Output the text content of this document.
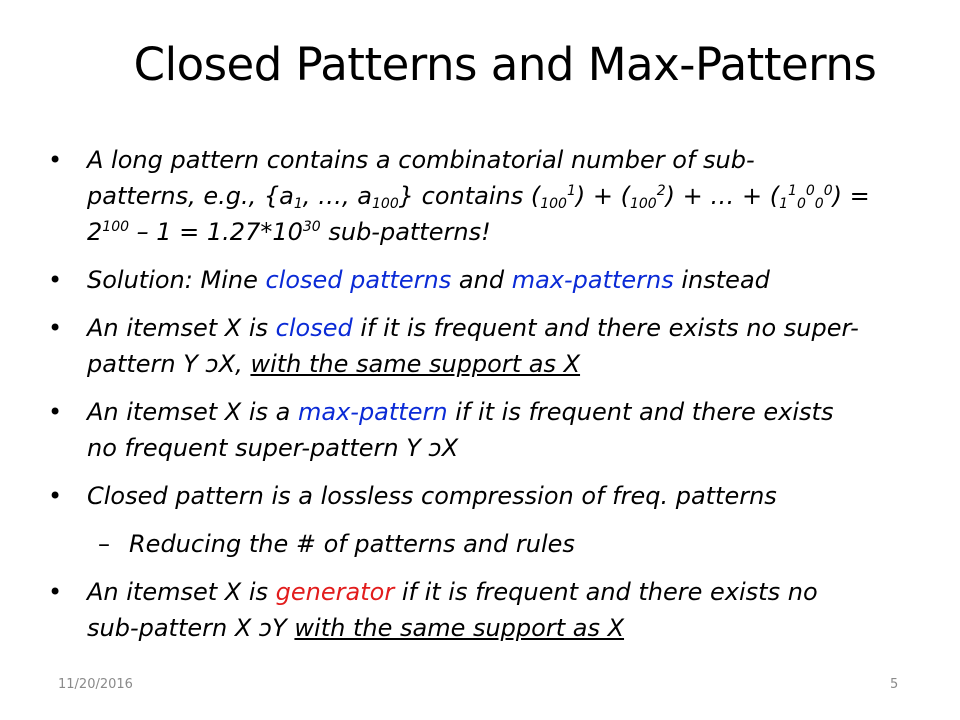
Closed Patterns and Max-Patterns
• A long pattern contains a combinatorial number of sub-
patterns, e.g., {$a_1$, …, $a_{100}$} contains $(_{100}^1) + (_{100}^2)$ + … + $(_1^1_0^0_0^0)$ =
$2^{100} - 1 = 1.27*10^{30}$ sub-patterns!
• Solution: Mine closed patterns and max-patterns instead
• An itemset X is closed if it is frequent and there exists no super-
pattern Y ɔX, with the same support as X
• An itemset X is a max-pattern if it is frequent and there exists
no frequent super-pattern Y ɔX
• Closed pattern is a lossless compression of freq. patterns
– Reducing the # of patterns and rules
• An itemset X is generator if it is frequent and there exists no
sub-pattern X ɔY with the same support as X
11/20/2016	5
